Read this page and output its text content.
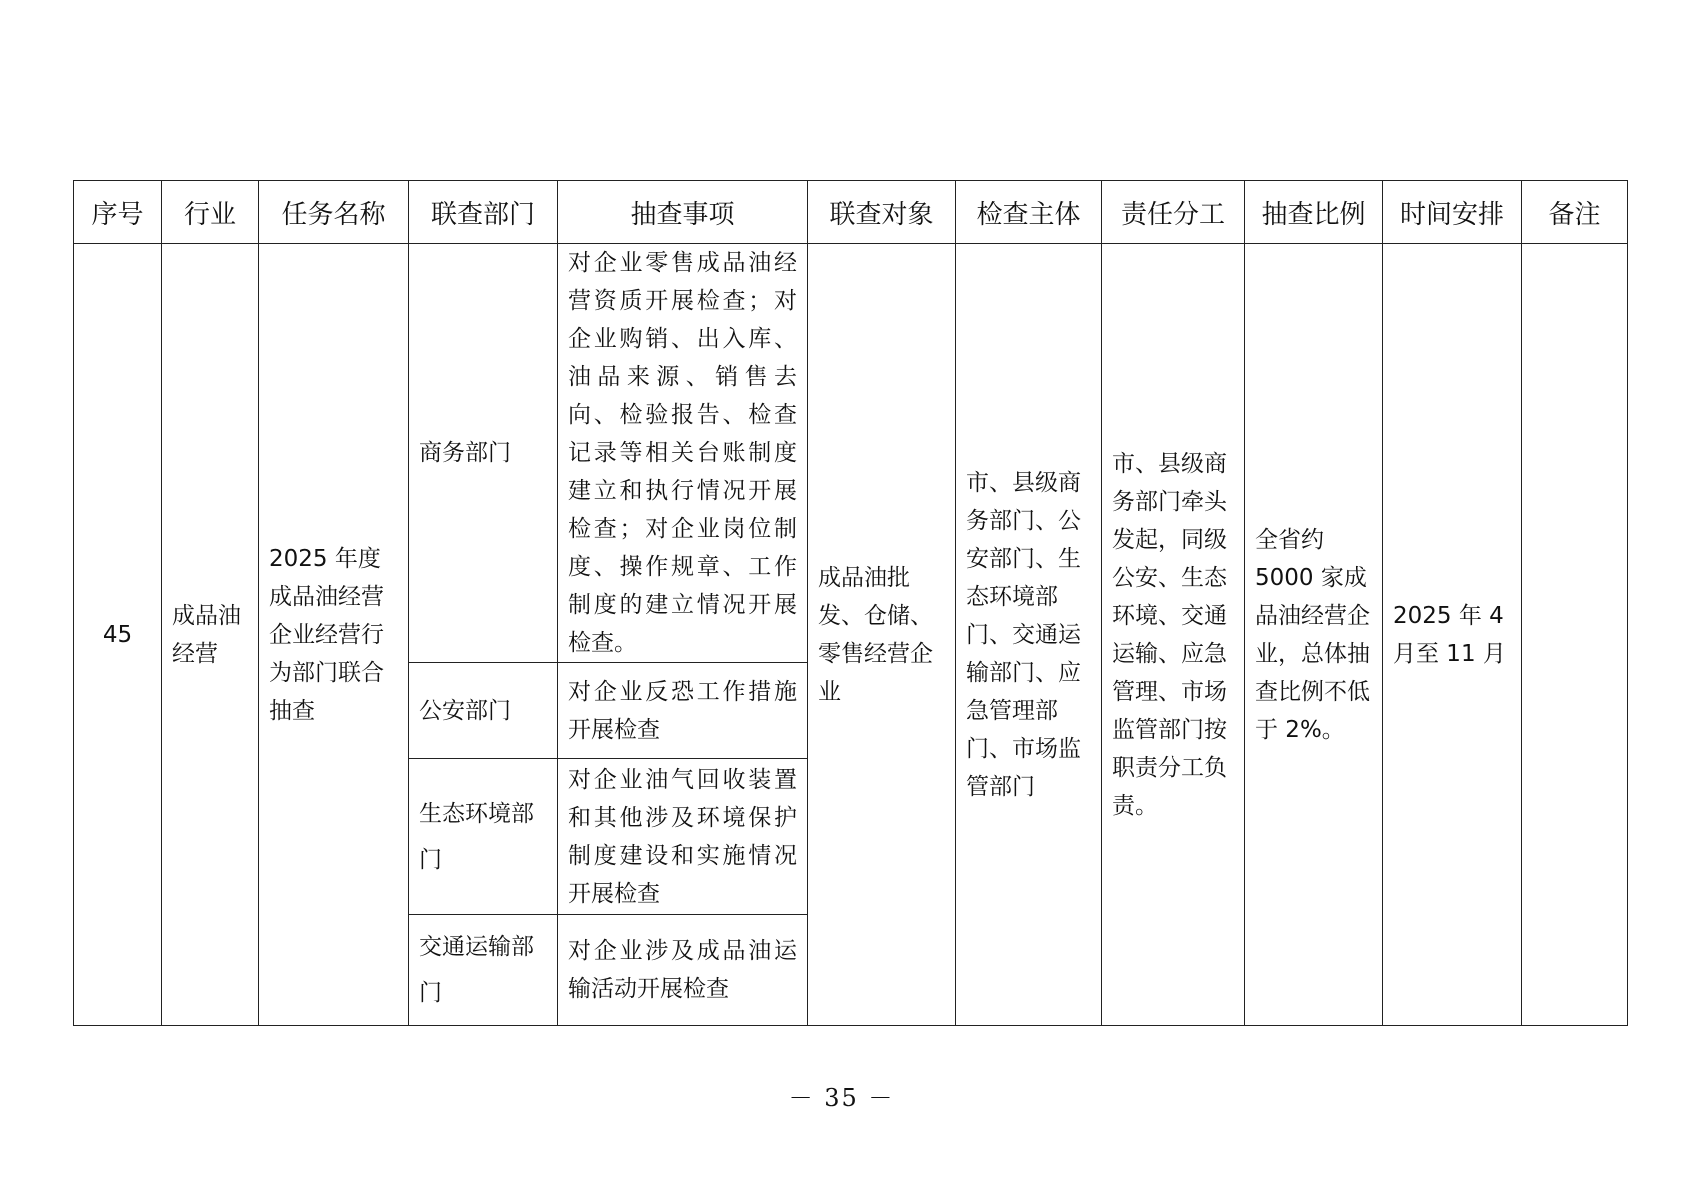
序号	行业	任务名称	联查部门	抽查事项	联查对象	检查主体	责任分工	抽查比例	时间安排	备注
45	成品油经营	2025 年度成品油经营企业经营行为部门联合抽查	商务部门	对企业零售成品油经营资质开展检查；对企业购销、出入库、油品来源、销售去向、检验报告、检查记录等相关台账制度建立和执行情况开展检查；对企业岗位制度、操作规章、工作制度的建立情况开展检查。	成品油批发、仓储、零售经营企业	市、县级商务部门、公安部门、生态环境部门、交通运输部门、应急管理部门、市场监管部门	市、县级商务部门牵头发起，同级公安、生态环境、交通运输、应急管理、市场监管部门按职责分工负责。	全省约 5000 家成品油经营企业，总体抽查比例不低于 2%。	2025 年 4 月至 11 月	
			公安部门	对企业反恐工作措施开展检查						
			生态环境部门	对企业油气回收装置和其他涉及环境保护制度建设和实施情况开展检查						
			交通运输部门	对企业涉及成品油运输活动开展检查						
－ 35 －
